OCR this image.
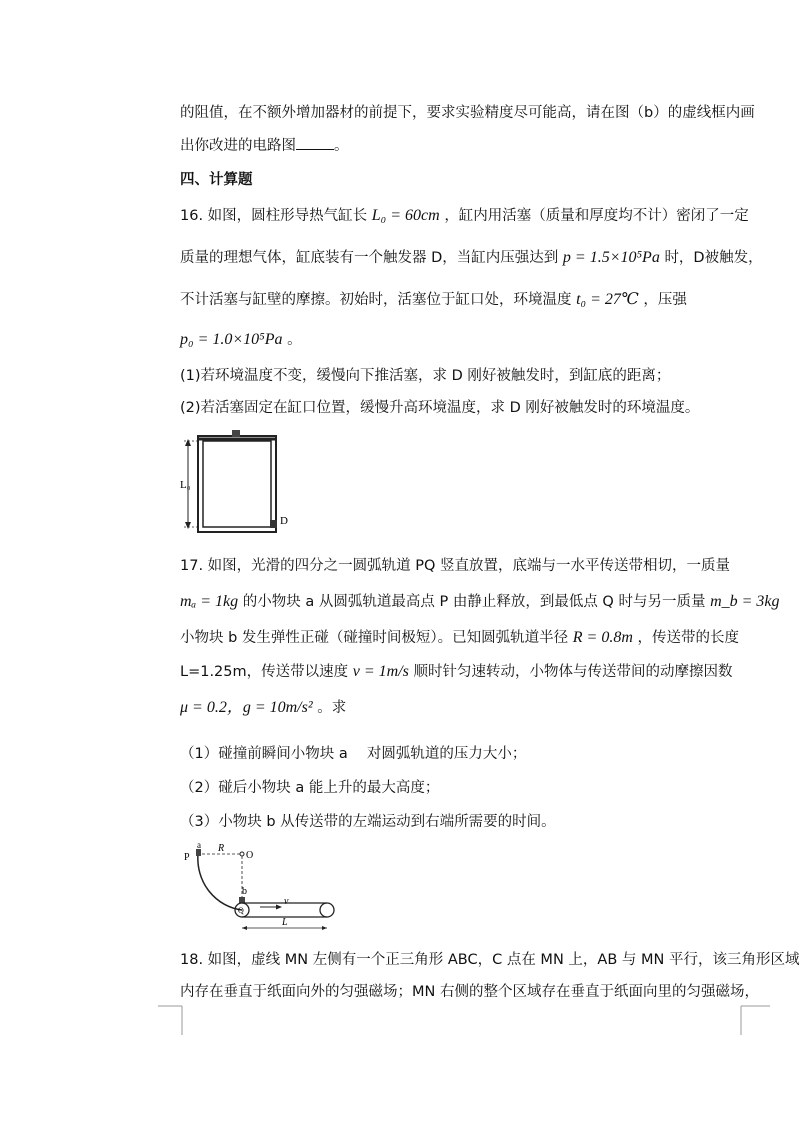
的阻值，在不额外增加器材的前提下，要求实验精度尽可能高，请在图（b）的虚线框内画
出你改进的电路图	。
四、计算题
16. 如图，圆柱形导热气缸长 L₀ = 60cm ，缸内用活塞（质量和厚度均不计）密闭了一定
质量的理想气体，缸底装有一个触发器 D，当缸内压强达到 p = 1.5×10⁵Pa 时，D被触发，
不计活塞与缸壁的摩擦。初始时，活塞位于缸口处，环境温度 t₀ = 27℃ ，压强
p₀ = 1.0×10⁵Pa 。
(1)若环境温度不变，缓慢向下推活塞，求 D 刚好被触发时，到缸底的距离；
(2)若活塞固定在缸口位置，缓慢升高环境温度，求 D 刚好被触发时的环境温度。
L₀
D
17. 如图，光滑的四分之一圆弧轨道 PQ 竖直放置，底端与一水平传送带相切，一质量
mₐ = 1kg 的小物块 a 从圆弧轨道最高点 P 由静止释放，到最低点 Q 时与另一质量 m_b = 3kg
小物块 b 发生弹性正碰（碰撞时间极短）。已知圆弧轨道半径 R = 0.8m ，传送带的长度
L=1.25m，传送带以速度 v = 1m/s 顺时针匀速转动，小物体与传送带间的动摩擦因数
μ = 0.2，g = 10m/s² 。求
（1）碰撞前瞬间小物块 a　 对圆弧轨道的压力大小；
（2）碰后小物块 a 能上升的最大高度；
（3）小物块 b 从传送带的左端运动到右端所需要的时间。
P
a R
O
b
Q
v
L
18. 如图，虚线 MN 左侧有一个正三角形 ABC，C 点在 MN 上，AB 与 MN 平行，该三角形区域
内存在垂直于纸面向外的匀强磁场；MN 右侧的整个区域存在垂直于纸面向里的匀强磁场，
